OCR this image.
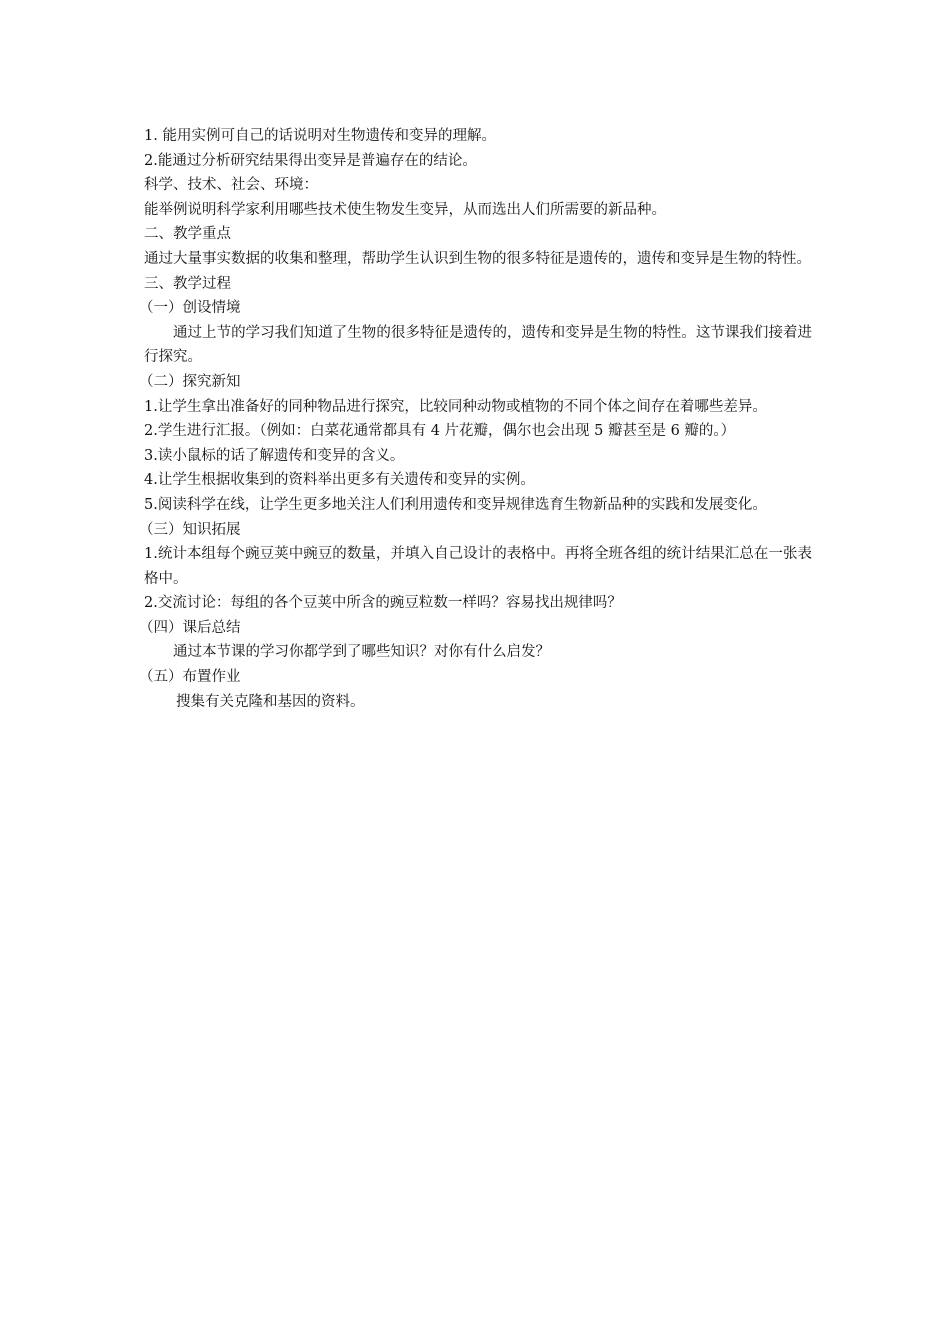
1. 能用实例可自己的话说明对生物遗传和变异的理解。

2.能通过分析研究结果得出变异是普遍存在的结论。

科学、技术、社会、环境：

能举例说明科学家利用哪些技术使生物发生变异，从而选出人们所需要的新品种。

二、教学重点

通过大量事实数据的收集和整理，帮助学生认识到生物的很多特征是遗传的，遗传和变异是生物的特性。

三、教学过程

（一）创设情境

通过上节的学习我们知道了生物的很多特征是遗传的，遗传和变异是生物的特性。这节课我们接着进行探究。

（二）探究新知

1.让学生拿出准备好的同种物品进行探究，比较同种动物或植物的不同个体之间存在着哪些差异。

2.学生进行汇报。（例如：白菜花通常都具有 4 片花瓣，偶尔也会出现 5 瓣甚至是 6 瓣的。）

3.读小鼠标的话了解遗传和变异的含义。

4.让学生根据收集到的资料举出更多有关遗传和变异的实例。

5.阅读科学在线，让学生更多地关注人们利用遗传和变异规律选育生物新品种的实践和发展变化。

（三）知识拓展

1.统计本组每个豌豆荚中豌豆的数量，并填入自己设计的表格中。再将全班各组的统计结果汇总在一张表格中。

2.交流讨论：每组的各个豆荚中所含的豌豆粒数一样吗？容易找出规律吗？

（四）课后总结

通过本节课的学习你都学到了哪些知识？对你有什么启发？

（五）布置作业

搜集有关克隆和基因的资料。
